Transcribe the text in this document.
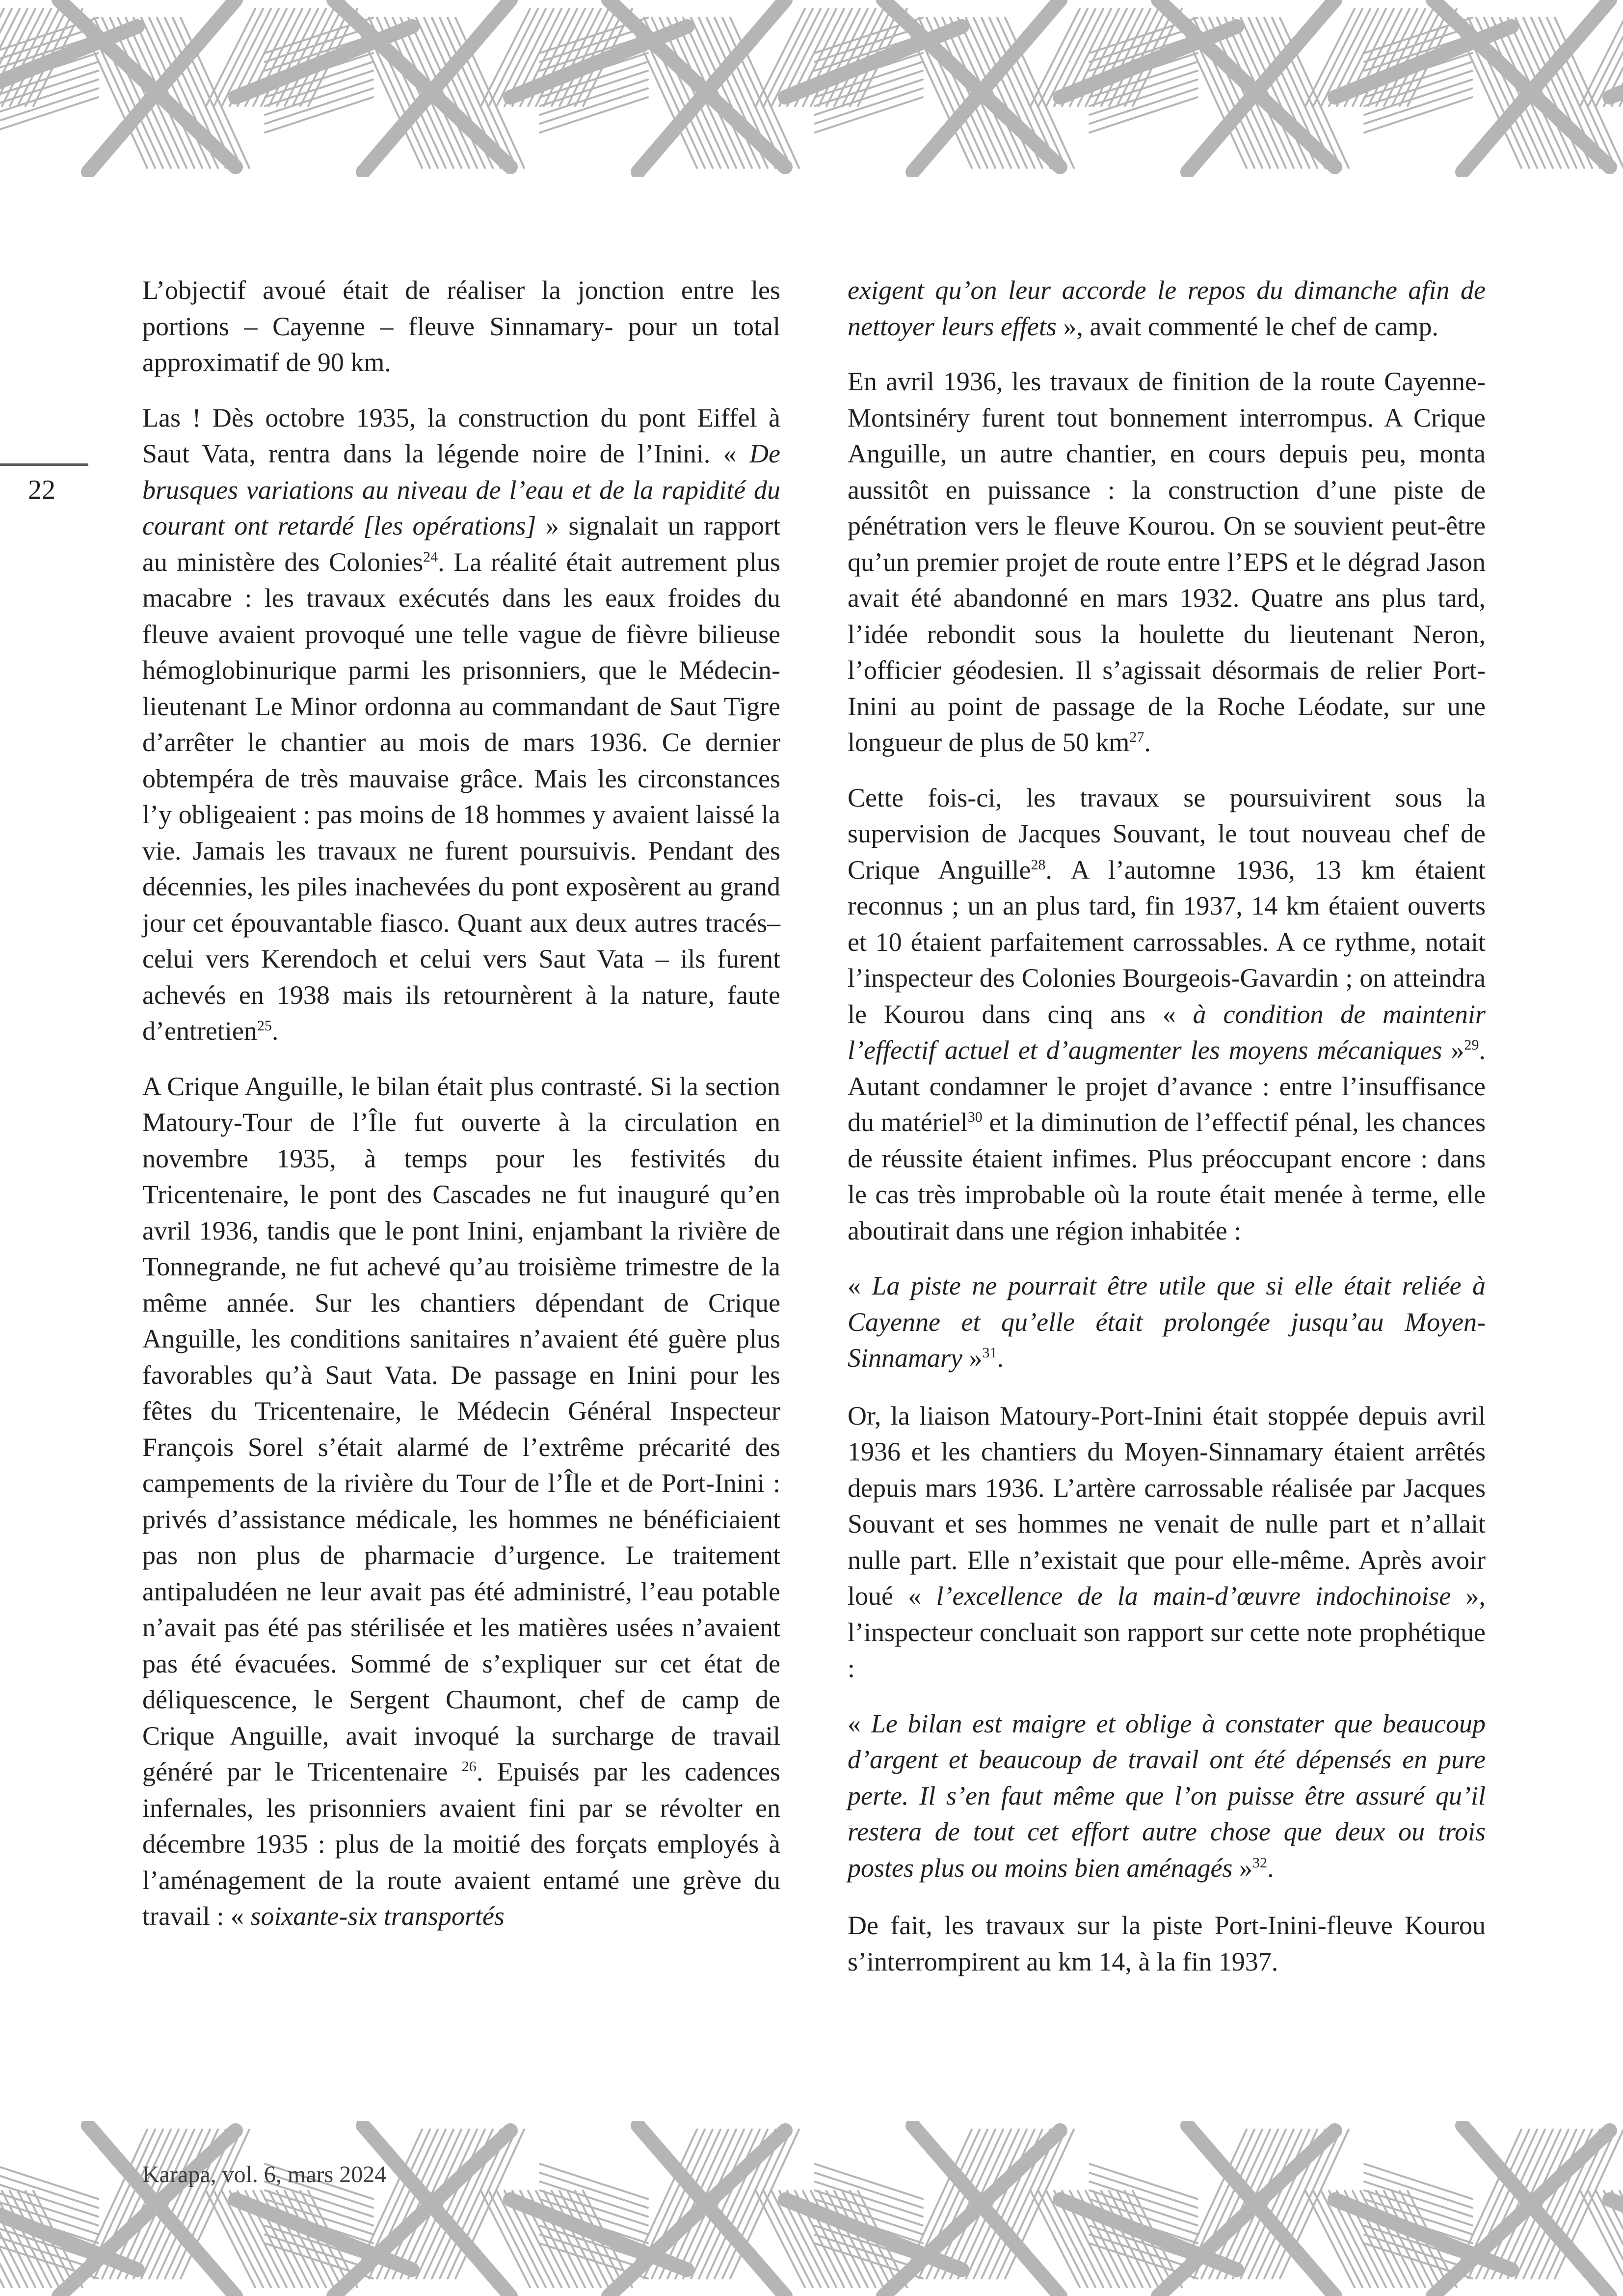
22

L’objectif avoué était de réaliser la jonction entre les portions – Cayenne – fleuve Sinnamary- pour un total approximatif de 90 km.

Las ! Dès octobre 1935, la construction du pont Eiffel à Saut Vata, rentra dans la légende noire de l’Inini. « De brusques variations au niveau de l’eau et de la rapidité du courant ont retardé [les opérations] » signalait un rapport au ministère des Colonies$^{24}$. La réalité était autrement plus macabre : les travaux exécutés dans les eaux froides du fleuve avaient provoqué une telle vague de fièvre bilieuse hémoglobinurique parmi les prisonniers, que le Médecin-lieutenant Le Minor ordonna au commandant de Saut Tigre d’arrêter le chantier au mois de mars 1936. Ce dernier obtempéra de très mauvaise grâce. Mais les circonstances l’y obligeaient : pas moins de 18 hommes y avaient laissé la vie. Jamais les travaux ne furent poursuivis. Pendant des décennies, les piles inachevées du pont exposèrent au grand jour cet épouvantable fiasco. Quant aux deux autres tracés– celui vers Kerendoch et celui vers Saut Vata – ils furent achevés en 1938 mais ils retournèrent à la nature, faute d’entretien$^{25}$.

A Crique Anguille, le bilan était plus contrasté. Si la section Matoury-Tour de l’Île fut ouverte à la circulation en novembre 1935, à temps pour les festivités du Tricentenaire, le pont des Cascades ne fut inauguré qu’en avril 1936, tandis que le pont Inini, enjambant la rivière de Tonnegrande, ne fut achevé qu’au troisième trimestre de la même année. Sur les chantiers dépendant de Crique Anguille, les conditions sanitaires n’avaient été guère plus favorables qu’à Saut Vata. De passage en Inini pour les fêtes du Tricentenaire, le Médecin Général Inspecteur François Sorel s’était alarmé de l’extrême précarité des campements de la rivière du Tour de l’Île et de Port-Inini : privés d’assistance médicale, les hommes ne bénéficiaient pas non plus de pharmacie d’urgence. Le traitement antipaludéen ne leur avait pas été administré, l’eau potable n’avait pas été pas stérilisée et les matières usées n’avaient pas été évacuées. Sommé de s’expliquer sur cet état de déliquescence, le Sergent Chaumont, chef de camp de Crique Anguille, avait invoqué la surcharge de travail généré par le Tricentenaire $^{26}$. Epuisés par les cadences infernales, les prisonniers avaient fini par se révolter en décembre 1935 : plus de la moitié des forçats employés à l’aménagement de la route avaient entamé une grève du travail : « soixante-six transportés

exigent qu’on leur accorde le repos du dimanche afin de nettoyer leurs effets », avait commenté le chef de camp.

En avril 1936, les travaux de finition de la route Cayenne- Montsinéry furent tout bonnement interrompus. A Crique Anguille, un autre chantier, en cours depuis peu, monta aussitôt en puissance : la construction d’une piste de pénétration vers le fleuve Kourou. On se souvient peut-être qu’un premier projet de route entre l’EPS et le dégrad Jason avait été abandonné en mars 1932. Quatre ans plus tard, l’idée rebondit sous la houlette du lieutenant Neron, l’officier géodesien. Il s’agissait désormais de relier Port-Inini au point de passage de la Roche Léodate, sur une longueur de plus de 50 $km^{27}$.

Cette fois-ci, les travaux se poursuivirent sous la supervision de Jacques Souvant, le tout nouveau chef de Crique Anguille$^{28}$. A l’automne 1936, 13 km étaient reconnus ; un an plus tard, fin 1937, 14 km étaient ouverts et 10 étaient parfaitement carrossables. A ce rythme, notait l’inspecteur des Colonies Bourgeois-Gavardin ; on atteindra le Kourou dans cinq ans « à condition de maintenir l’effectif actuel et d’augmenter les moyens mécaniques »$^{29}$. Autant condamner le projet d’avance : entre l’insuffisance du matériel$^{30}$ et la diminution de l’effectif pénal, les chances de réussite étaient infimes. Plus préoccupant encore : dans le cas très improbable où la route était menée à terme, elle aboutirait dans une région inhabitée :

« La piste ne pourrait être utile que si elle était reliée à Cayenne et qu’elle était prolongée jusqu’au Moyen-Sinnamary »$^{31}$.

Or, la liaison Matoury-Port-Inini était stoppée depuis avril 1936 et les chantiers du Moyen-Sinnamary étaient arrêtés depuis mars 1936. L’artère carrossable réalisée par Jacques Souvant et ses hommes ne venait de nulle part et n’allait nulle part. Elle n’existait que pour elle-même. Après avoir loué « l’excellence de la main-d’œuvre indochinoise », l’inspecteur concluait son rapport sur cette note prophétique :

« Le bilan est maigre et oblige à constater que beaucoup d’argent et beaucoup de travail ont été dépensés en pure perte. Il s’en faut même que l’on puisse être assuré qu’il restera de tout cet effort autre chose que deux ou trois postes plus ou moins bien aménagés »$^{32}$.

De fait, les travaux sur la piste Port-Inini-fleuve Kourou s’interrompirent au km 14, à la fin 1937.

Karapa, vol. 6, mars 2024
